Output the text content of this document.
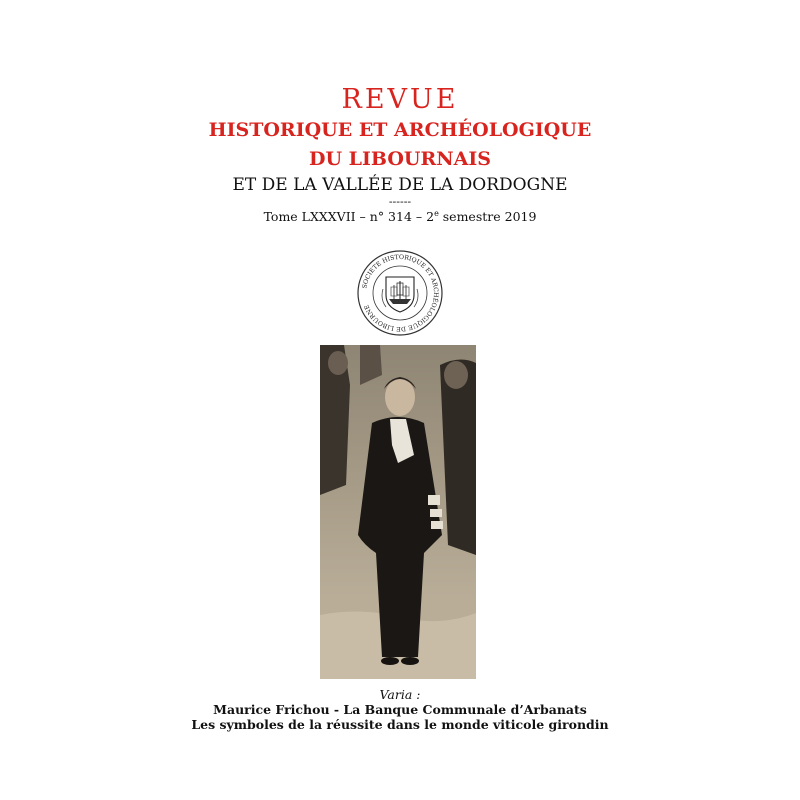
REVUE
HISTORIQUE ET ARCHÉOLOGIQUE
DU LIBOURNAIS
ET DE LA VALLÉE DE LA DORDOGNE
------
Tome LXXXVII – n° 314 – 2e semestre 2019
SOCIETE HISTORIQUE ET ARCHÉOLOGIQUE DE LIBOURNE
Varia :
Maurice Frichou - La Banque Communale d’Arbanats
Les symboles de la réussite dans le monde viticole girondin
